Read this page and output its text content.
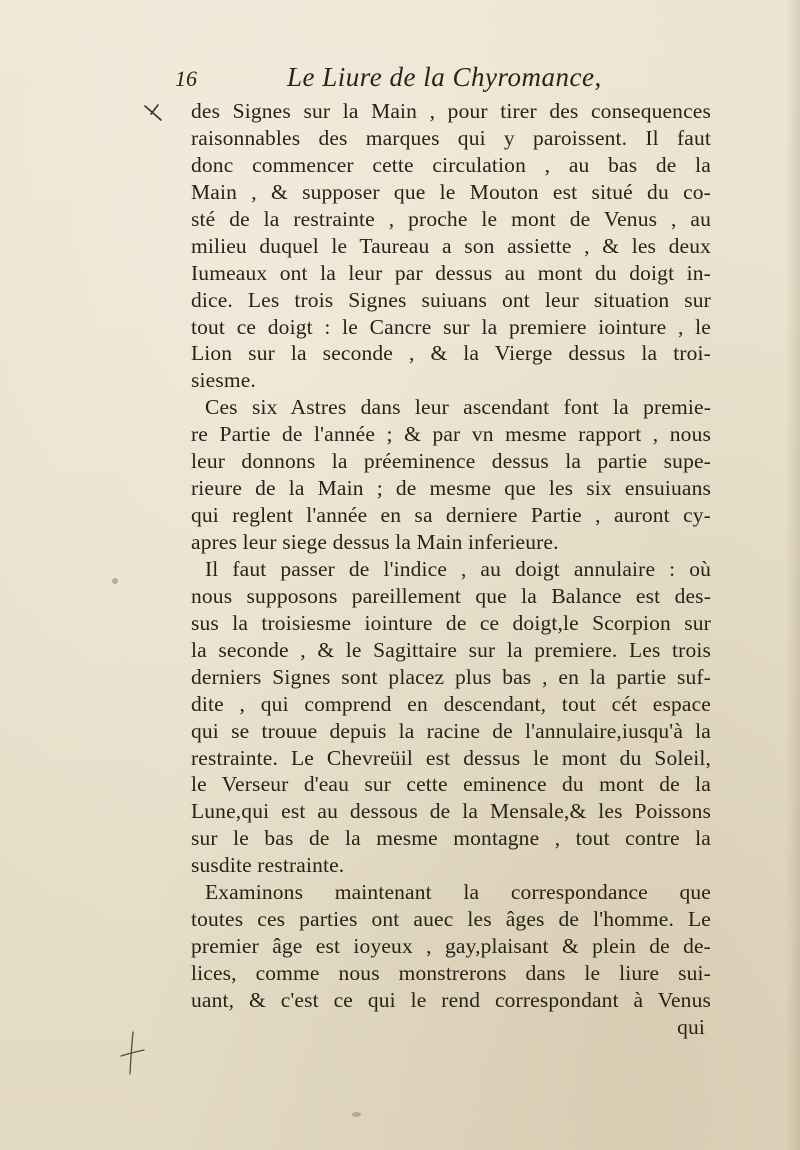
16	Le Liure de la Chyromance,
des Signes sur la Main , pour tirer des consequences
raisonnables des marques qui y paroissent. Il faut
donc commencer cette circulation , au bas de la
Main , & supposer que le Mouton est situé du co-
sté de la restrainte , proche le mont de Venus , au
milieu duquel le Taureau a son assiette , & les deux
Iumeaux ont la leur par dessus au mont du doigt in-
dice. Les trois Signes suiuans ont leur situation sur
tout ce doigt : le Cancre sur la premiere iointure , le
Lion sur la seconde , & la Vierge dessus la troi-
siesme.
Ces six Astres dans leur ascendant font la premie-
re Partie de l'année ; & par vn mesme rapport , nous
leur donnons la préeminence dessus la partie supe-
rieure de la Main ; de mesme que les six ensuiuans
qui reglent l'année en sa derniere Partie , auront cy-
apres leur siege dessus la Main inferieure.
Il faut passer de l'indice , au doigt annulaire : où
nous supposons pareillement que la Balance est des-
sus la troisiesme iointure de ce doigt,le Scorpion sur
la seconde , & le Sagittaire sur la premiere. Les trois
derniers Signes sont placez plus bas , en la partie suf-
dite , qui comprend en descendant, tout cét espace
qui se trouue depuis la racine de l'annulaire,iusqu'à la
restrainte. Le Chevreüil est dessus le mont du Soleil,
le Verseur d'eau sur cette eminence du mont de la
Lune,qui est au dessous de la Mensale,& les Poissons
sur le bas de la mesme montagne , tout contre la
susdite restrainte.
Examinons maintenant la correspondance que
toutes ces parties ont auec les âges de l'homme. Le
premier âge est ioyeux , gay,plaisant & plein de de-
lices, comme nous monstrerons dans le liure sui-
uant, & c'est ce qui le rend correspondant à Venus
qui
